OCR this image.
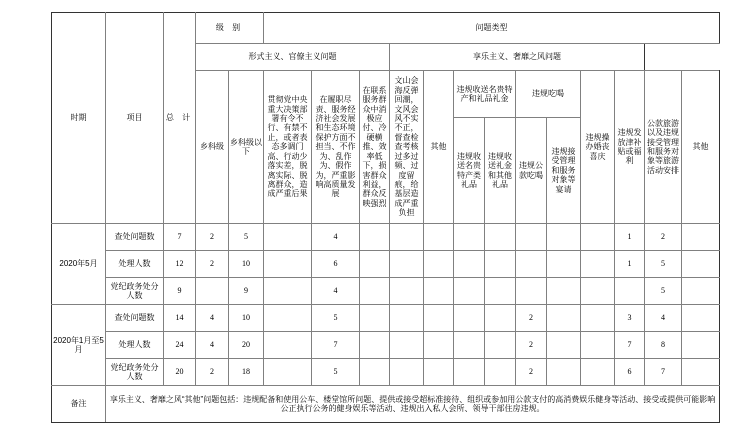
时期	项目	总 计	级 别		问题类型												
			形式主义、官僚主义问题					享乐主义、奢靡之风问题									
			乡科级	乡科级以下	贯彻党中央重大决策部署有令不行、有禁不止，或者表态多调门高、行动少落实差，脱离实际、脱离群众，造成严重后果	在履职尽责、服务经济社会发展和生态环境保护方面不担当、不作为、乱作为、假作为，严重影响高质量发展	在联系服务群众中消极应付、冷硬横推、效率低下，损害群众利益，群众反映强烈	文山会海反弹回潮，文风会风不实不正，督查检查考核过多过频、过度留痕，给基层造成严重负担	其他	违规收送名贵特产和礼品礼金		违规吃喝		违规操办婚丧喜庆	违规发放津补贴或福利	公款旅游以及违规接受管理和服务对象等旅游活动安排	其他
										违规收送名贵特产类礼品	违规收送礼金和其他礼品	违规公款吃喝	违规接受管理和服务对象等宴请				
2020年5月	查处问题数	7	2	5		4									1	2	
	处理人数	12	2	10		6									1	5	
	党纪政务处分人数	9		9		4										5	
2020年1月至5月	查处问题数	14	4	10		5						2			3	4	
	处理人数	24	4	20		7						2			7	8	
	党纪政务处分人数	20	2	18		5						2			6	7	
备注	享乐主义、奢靡之风“其他”问题包括：违规配备和使用公车、楼堂馆所问题、提供或接受超标准接待、组织或参加用公款支付的高消费娱乐健身等活动、接受或提供可能影响公正执行公务的健身娱乐等活动、违规出入私人会所、领导干部住房违规。																
